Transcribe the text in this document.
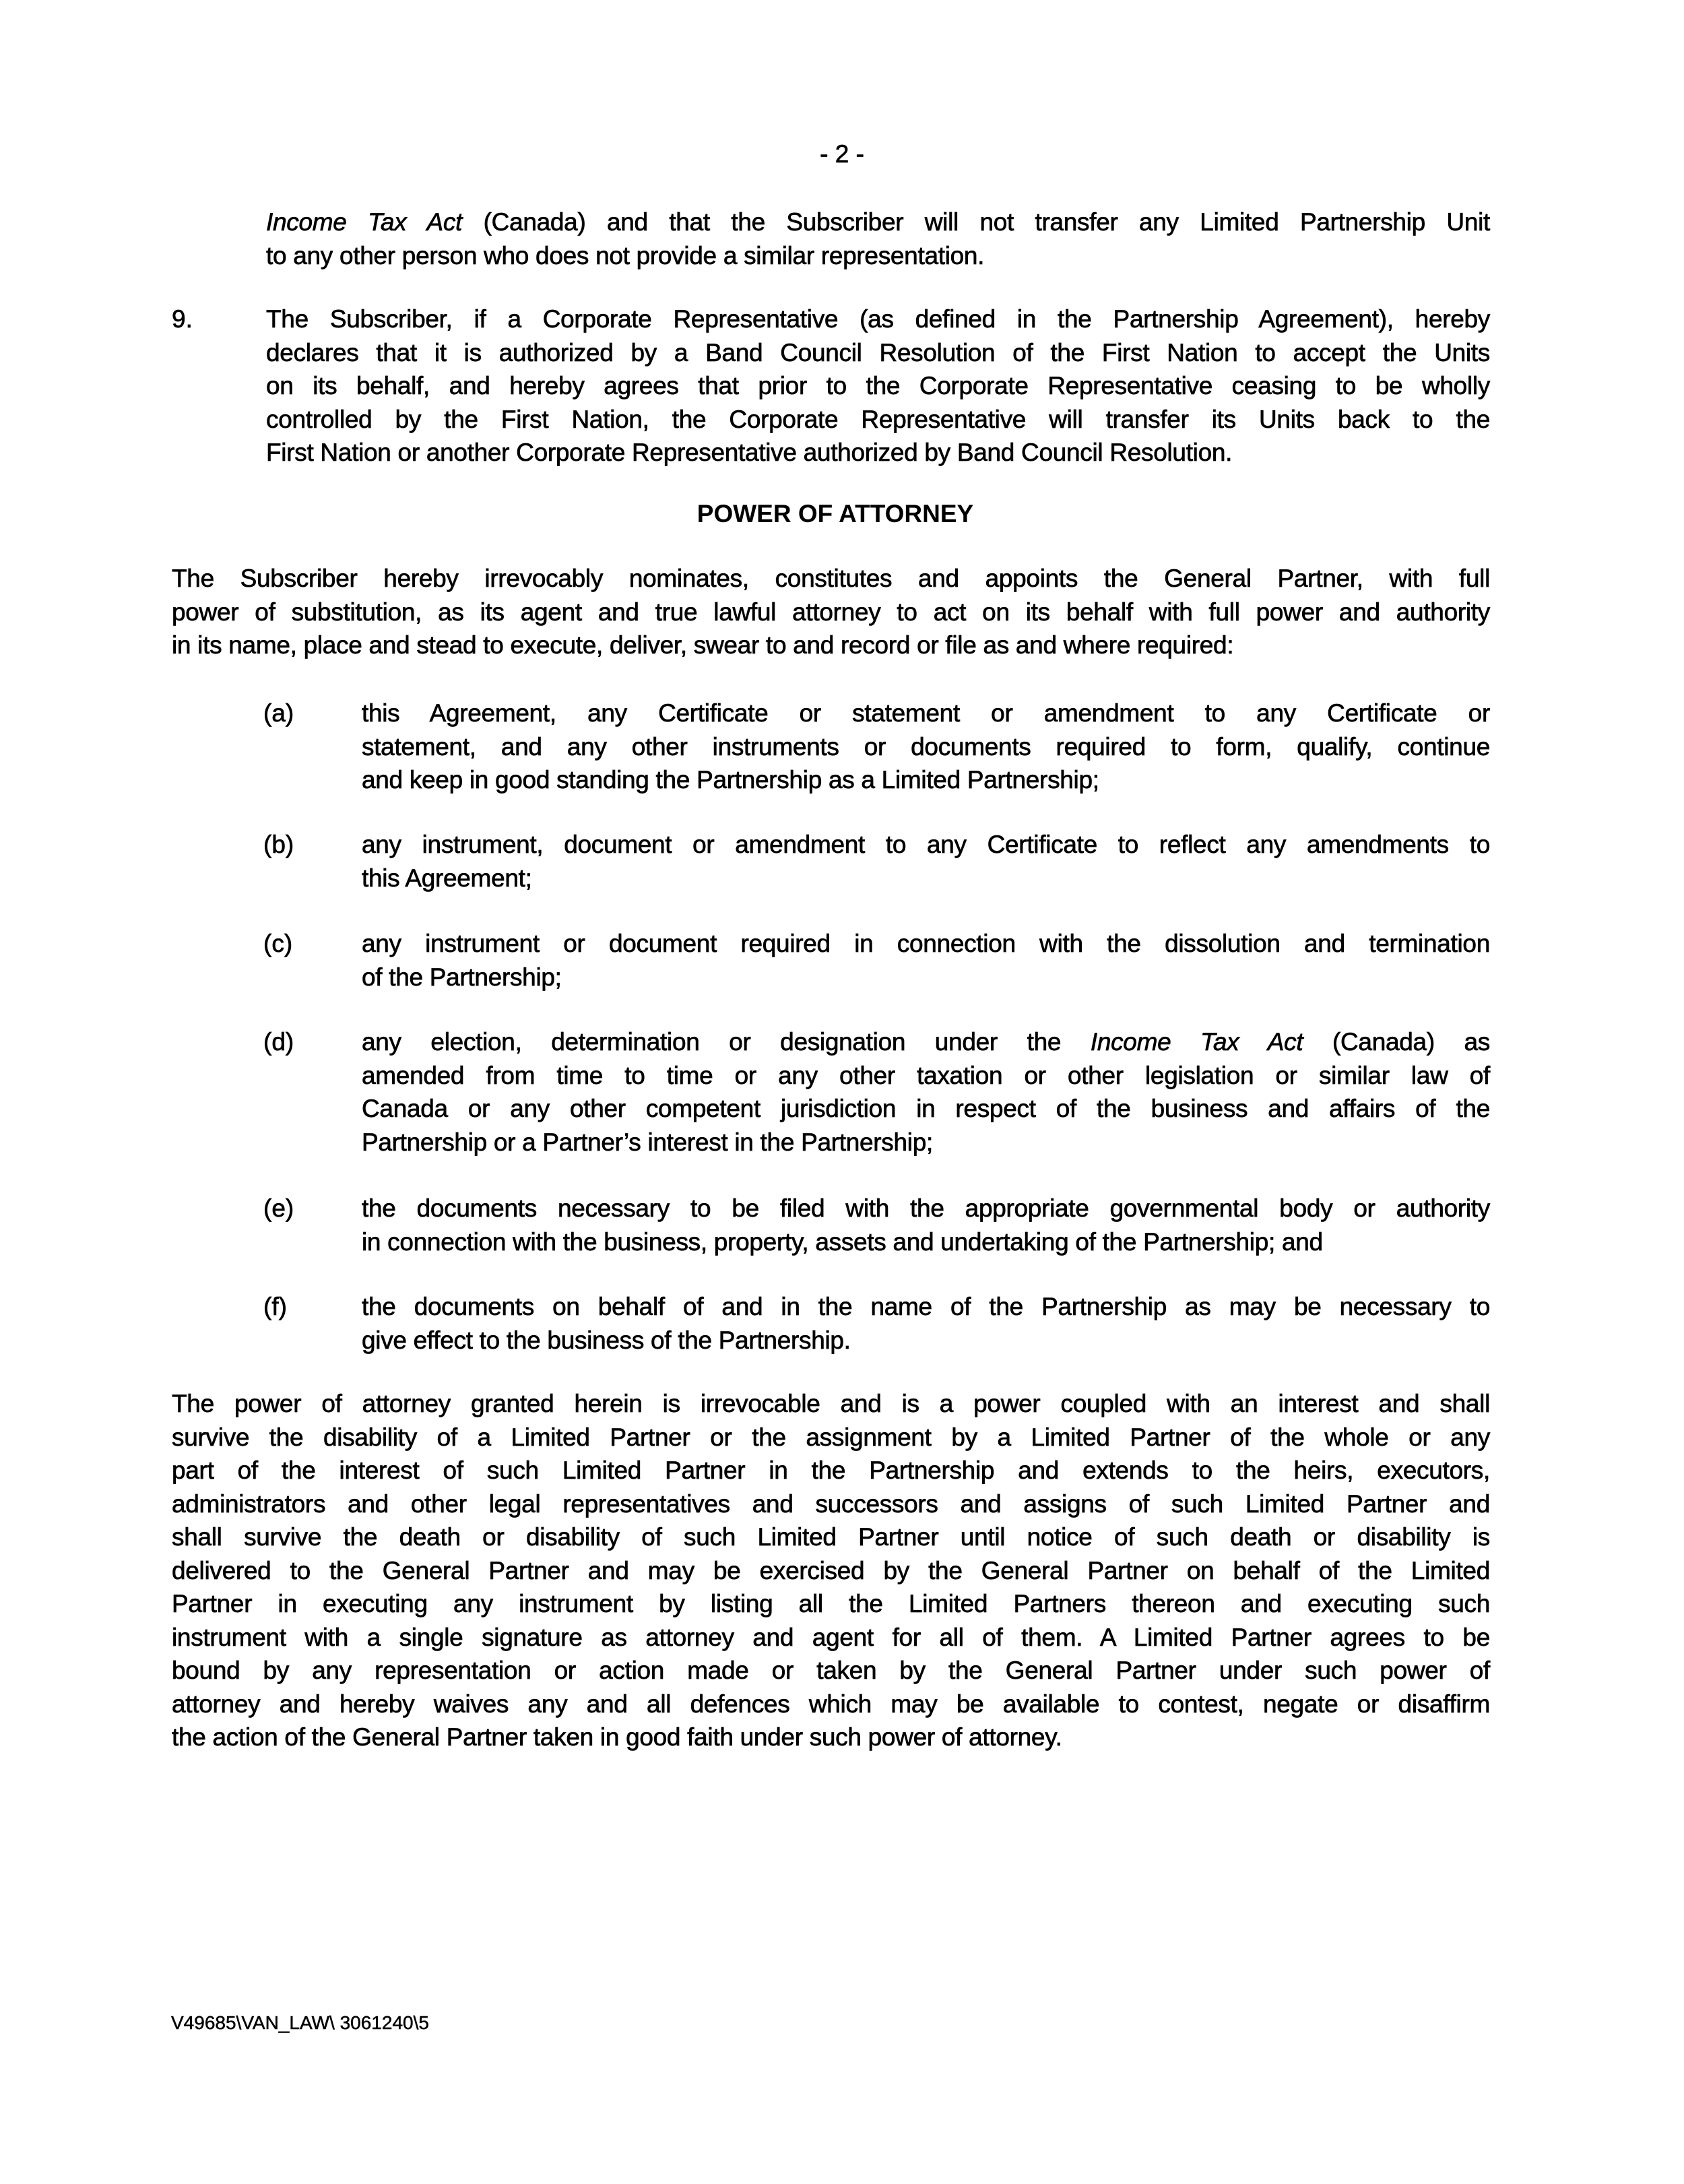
- 2 -
Income Tax Act (Canada) and that the Subscriber will not transfer any Limited Partnership Unit
to any other person who does not provide a similar representation.
9.	The Subscriber, if a Corporate Representative (as defined in the Partnership Agreement), hereby
declares that it is authorized by a Band Council Resolution of the First Nation to accept the Units
on its behalf, and hereby agrees that prior to the Corporate Representative ceasing to be wholly
controlled by the First Nation, the Corporate Representative will transfer its Units back to the
First Nation or another Corporate Representative authorized by Band Council Resolution.
POWER OF ATTORNEY
The Subscriber hereby irrevocably nominates, constitutes and appoints the General Partner, with full
power of substitution, as its agent and true lawful attorney to act on its behalf with full power and authority
in its name, place and stead to execute, deliver, swear to and record or file as and where required:
(a)	this Agreement, any Certificate or statement or amendment to any Certificate or
statement, and any other instruments or documents required to form, qualify, continue
and keep in good standing the Partnership as a Limited Partnership;
(b)	any instrument, document or amendment to any Certificate to reflect any amendments to
this Agreement;
(c)	any instrument or document required in connection with the dissolution and termination
of the Partnership;
(d)	any election, determination or designation under the Income Tax Act (Canada) as
amended from time to time or any other taxation or other legislation or similar law of
Canada or any other competent jurisdiction in respect of the business and affairs of the
Partnership or a Partner’s interest in the Partnership;
(e)	the documents necessary to be filed with the appropriate governmental body or authority
in connection with the business, property, assets and undertaking of the Partnership; and
(f)	the documents on behalf of and in the name of the Partnership as may be necessary to
give effect to the business of the Partnership.
The power of attorney granted herein is irrevocable and is a power coupled with an interest and shall
survive the disability of a Limited Partner or the assignment by a Limited Partner of the whole or any
part of the interest of such Limited Partner in the Partnership and extends to the heirs, executors,
administrators and other legal representatives and successors and assigns of such Limited Partner and
shall survive the death or disability of such Limited Partner until notice of such death or disability is
delivered to the General Partner and may be exercised by the General Partner on behalf of the Limited
Partner in executing any instrument by listing all the Limited Partners thereon and executing such
instrument with a single signature as attorney and agent for all of them. A Limited Partner agrees to be
bound by any representation or action made or taken by the General Partner under such power of
attorney and hereby waives any and all defences which may be available to contest, negate or disaffirm
the action of the General Partner taken in good faith under such power of attorney.
V49685\VAN_LAW\ 3061240\5
